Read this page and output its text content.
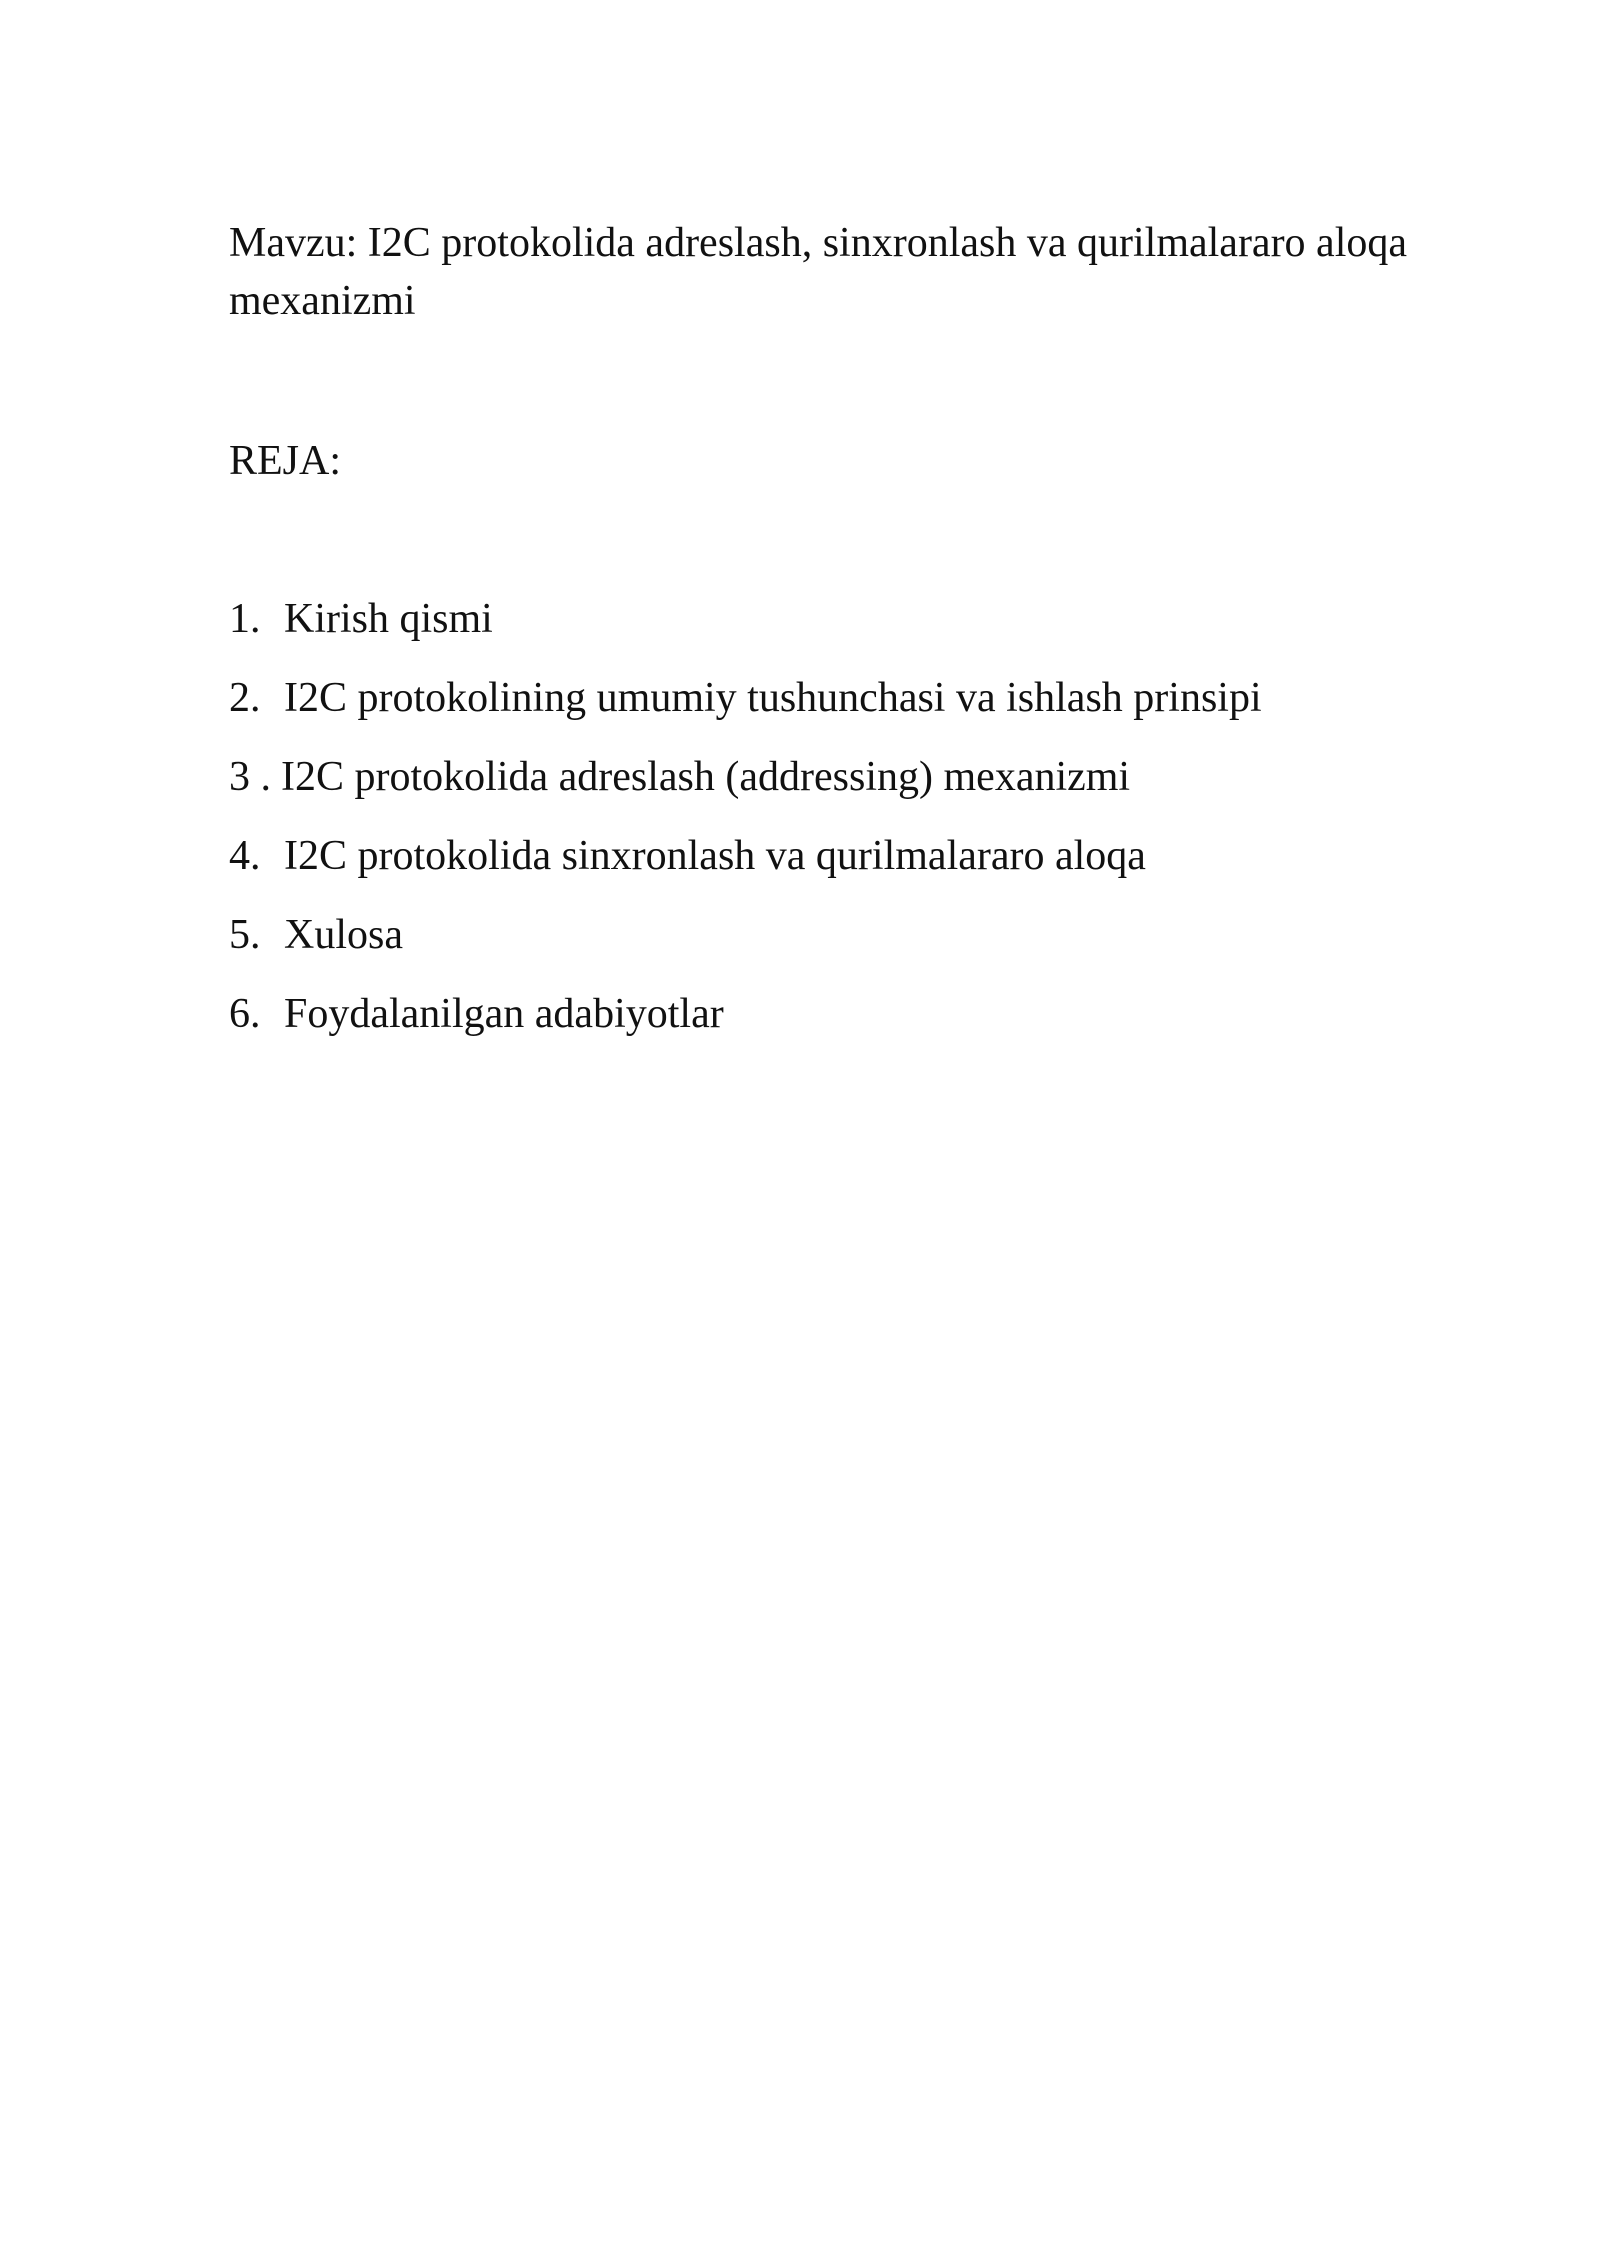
Mavzu: I2C protokolida adreslash, sinxronlash va qurilmalararo aloqa mexanizmi

REJA:

1. Kirish qismi
2. I2C protokolining umumiy tushunchasi va ishlash prinsipi
3 . I2C protokolida adreslash (addressing) mexanizmi
4. I2C protokolida sinxronlash va qurilmalararo aloqa
5. Xulosa
6. Foydalanilgan adabiyotlar
